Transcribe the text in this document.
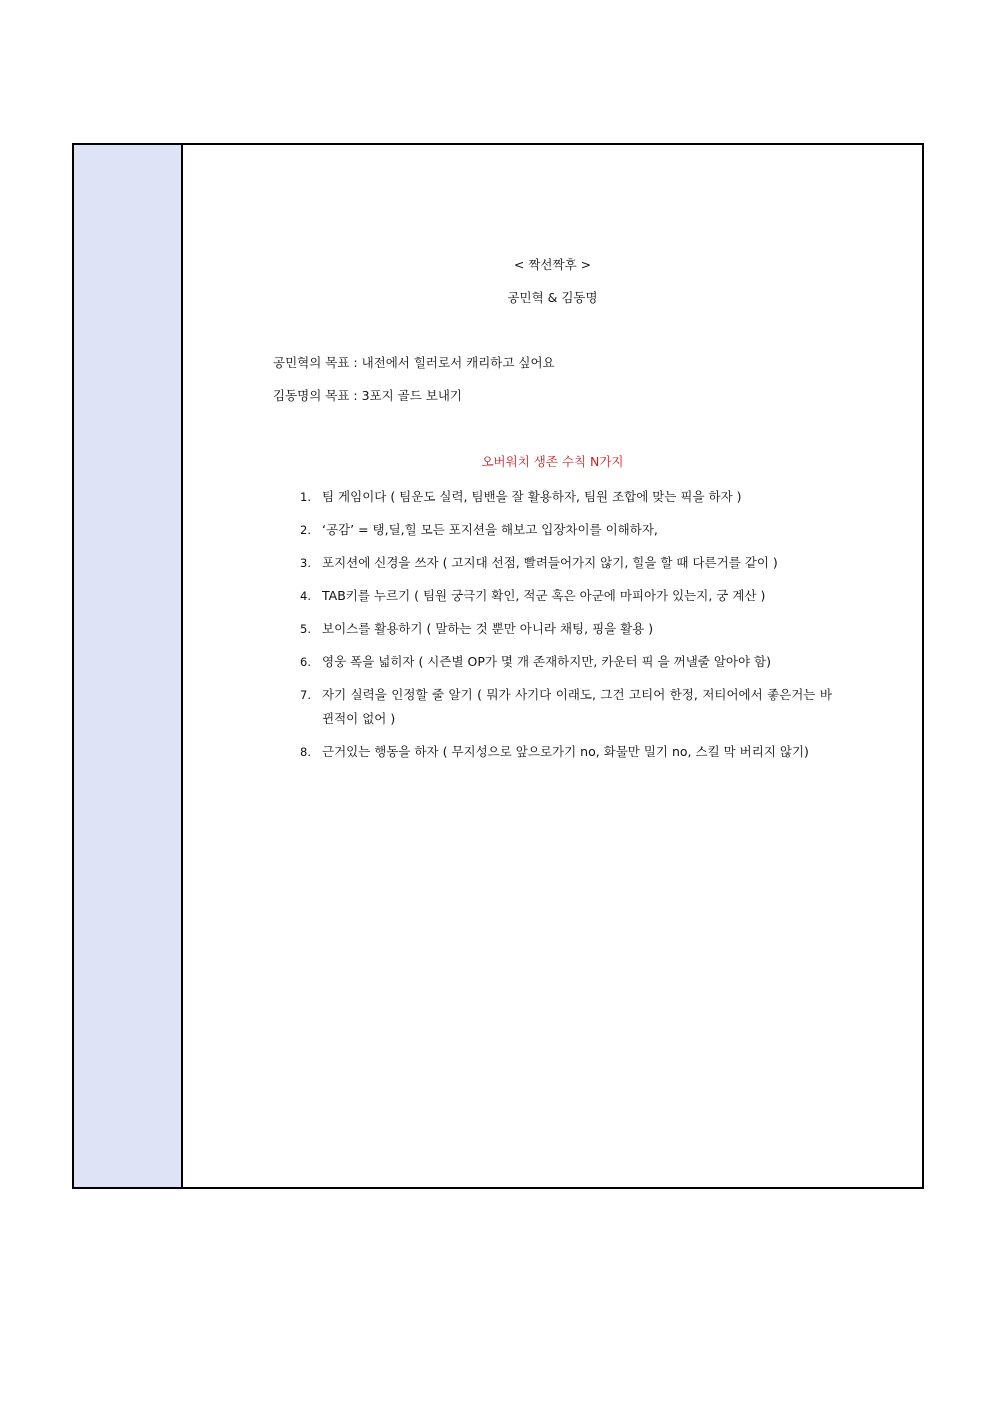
< 짝선짝후 >
공민혁 & 김동명
공민혁의 목표 : 내전에서 힐러로서 캐리하고 싶어요
김동명의 목표 : 3포지 골드 보내기
오버워치 생존 수칙 N가지
1. 팀 게임이다 ( 팀운도 실력, 팀밴을 잘 활용하자, 팀원 조합에 맞는 픽을 하자 )
2. ‘공감’ = 탱,딜,힐 모든 포지션을 해보고 입장차이를 이해하자,
3. 포지션에 신경을 쓰자 ( 고지대 선점, 빨려들어가지 않기, 힐을 할 때 다른거를 같이 )
4. TAB키를 누르기 ( 팀원 궁극기 확인, 적군 혹은 아군에 마피아가 있는지, 궁 계산 )
5. 보이스를 활용하기 ( 말하는 것 뿐만 아니라 채팅, 핑을 활용 )
6. 영웅 폭을 넓히자 ( 시즌별 OP가 몇 개 존재하지만, 카운터 픽 을 꺼낼줄 알아야 함)
7. 자기 실력을 인정할 줄 알기 ( 뭐가 사기다 이래도, 그건 고티어 한정, 저티어에서 좋은거는 바뀐적이 없어 )
8. 근거있는 행동을 하자 ( 무지성으로 앞으로가기 no, 화물만 밀기 no, 스킬 막 버리지 않기)
